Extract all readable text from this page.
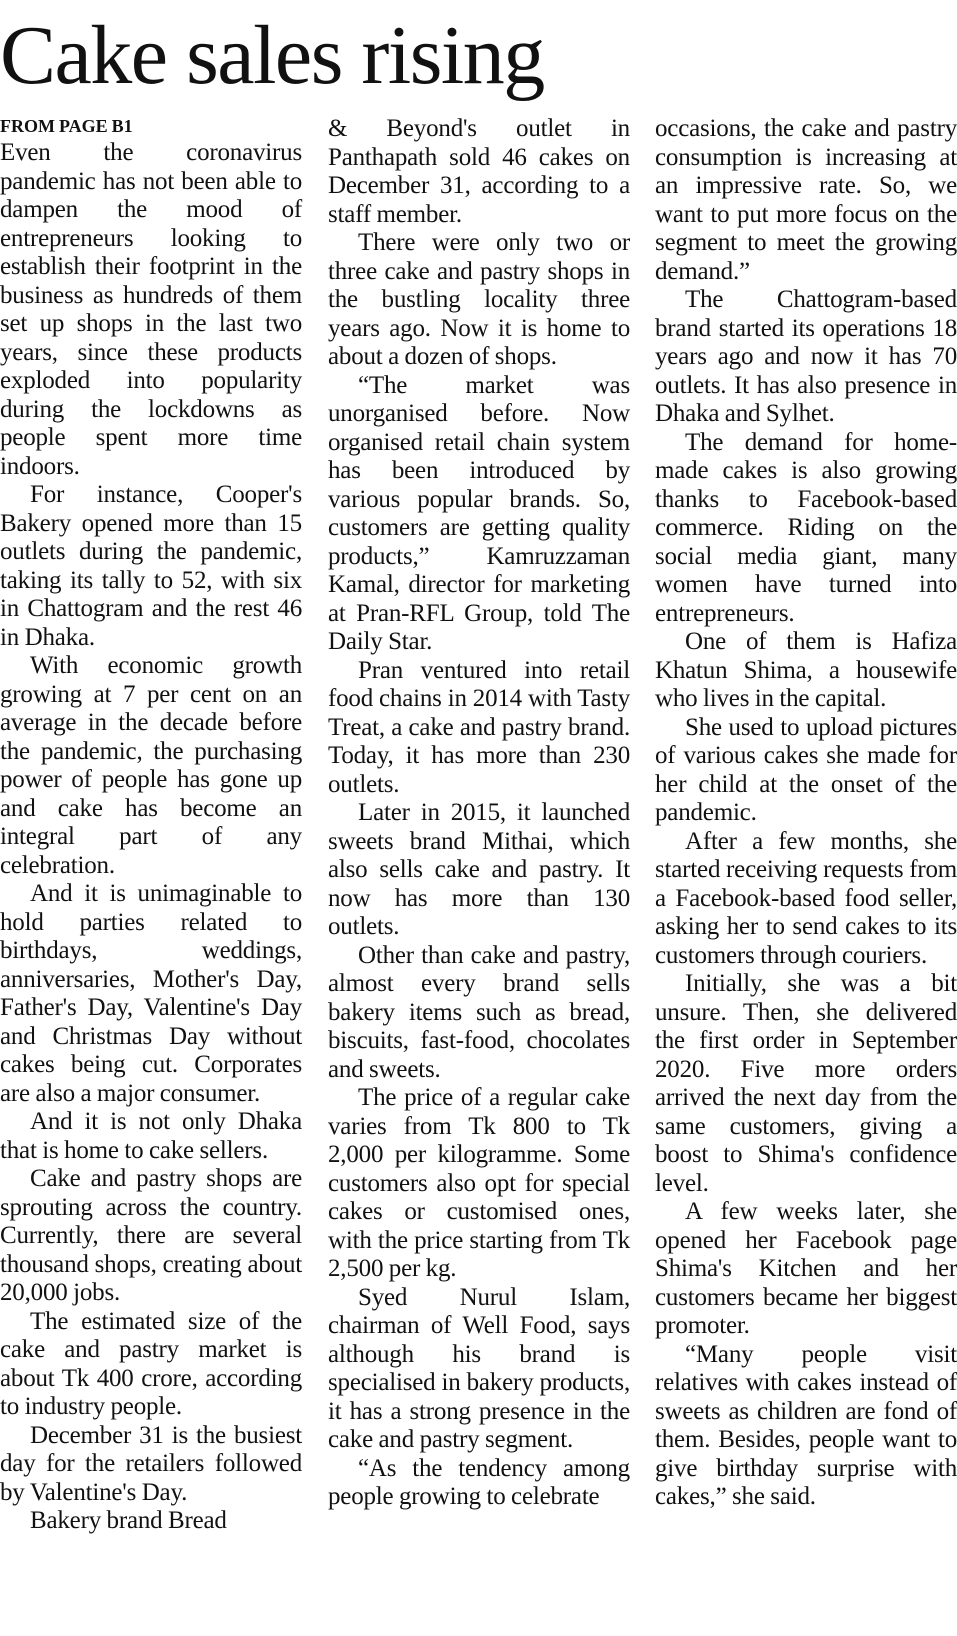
Cake sales rising
FROM PAGE B1

Even the coronavirus pandemic has not been able to dampen the mood of entrepreneurs looking to establish their footprint in the business as hundreds of them set up shops in the last two years, since these products exploded into popularity during the lockdowns as people spent more time indoors.

For instance, Cooper's Bakery opened more than 15 outlets during the pandemic, taking its tally to 52, with six in Chattogram and the rest 46 in Dhaka.

With economic growth growing at 7 per cent on an average in the decade before the pandemic, the purchasing power of people has gone up and cake has become an integral part of any celebration.

And it is unimaginable to hold parties related to birthdays, weddings, anniversaries, Mother's Day, Father's Day, Valentine's Day and Christmas Day without cakes being cut. Corporates are also a major consumer.

And it is not only Dhaka that is home to cake sellers.

Cake and pastry shops are sprouting across the country. Currently, there are several thousand shops, creating about 20,000 jobs.

The estimated size of the cake and pastry market is about Tk 400 crore, according to industry people.

December 31 is the busiest day for the retailers followed by Valentine's Day.

Bakery brand Bread

& Beyond's outlet in Panthapath sold 46 cakes on December 31, according to a staff member.

There were only two or three cake and pastry shops in the bustling locality three years ago. Now it is home to about a dozen of shops.

“The market was unorganised before. Now organised retail chain system has been introduced by various popular brands. So, customers are getting quality products,” Kamruzzaman Kamal, director for marketing at Pran-RFL Group, told The Daily Star.

Pran ventured into retail food chains in 2014 with Tasty Treat, a cake and pastry brand. Today, it has more than 230 outlets.

Later in 2015, it launched sweets brand Mithai, which also sells cake and pastry. It now has more than 130 outlets.

Other than cake and pastry, almost every brand sells bakery items such as bread, biscuits, fast-food, chocolates and sweets.

The price of a regular cake varies from Tk 800 to Tk 2,000 per kilogramme. Some customers also opt for special cakes or customised ones, with the price starting from Tk 2,500 per kg.

Syed Nurul Islam, chairman of Well Food, says although his brand is specialised in bakery products, it has a strong presence in the cake and pastry segment.

“As the tendency among people growing to celebrate

occasions, the cake and pastry consumption is increasing at an impressive rate. So, we want to put more focus on the segment to meet the growing demand.”

The Chattogram-based brand started its operations 18 years ago and now it has 70 outlets. It has also presence in Dhaka and Sylhet.

The demand for home-made cakes is also growing thanks to Facebook-based commerce. Riding on the social media giant, many women have turned into entrepreneurs.

One of them is Hafiza Khatun Shima, a housewife who lives in the capital.

She used to upload pictures of various cakes she made for her child at the onset of the pandemic.

After a few months, she started receiving requests from a Facebook-based food seller, asking her to send cakes to its customers through couriers.

Initially, she was a bit unsure. Then, she delivered the first order in September 2020. Five more orders arrived the next day from the same customers, giving a boost to Shima's confidence level.

A few weeks later, she opened her Facebook page Shima's Kitchen and her customers became her biggest promoter.

“Many people visit relatives with cakes instead of sweets as children are fond of them. Besides, people want to give birthday surprise with cakes,” she said.
